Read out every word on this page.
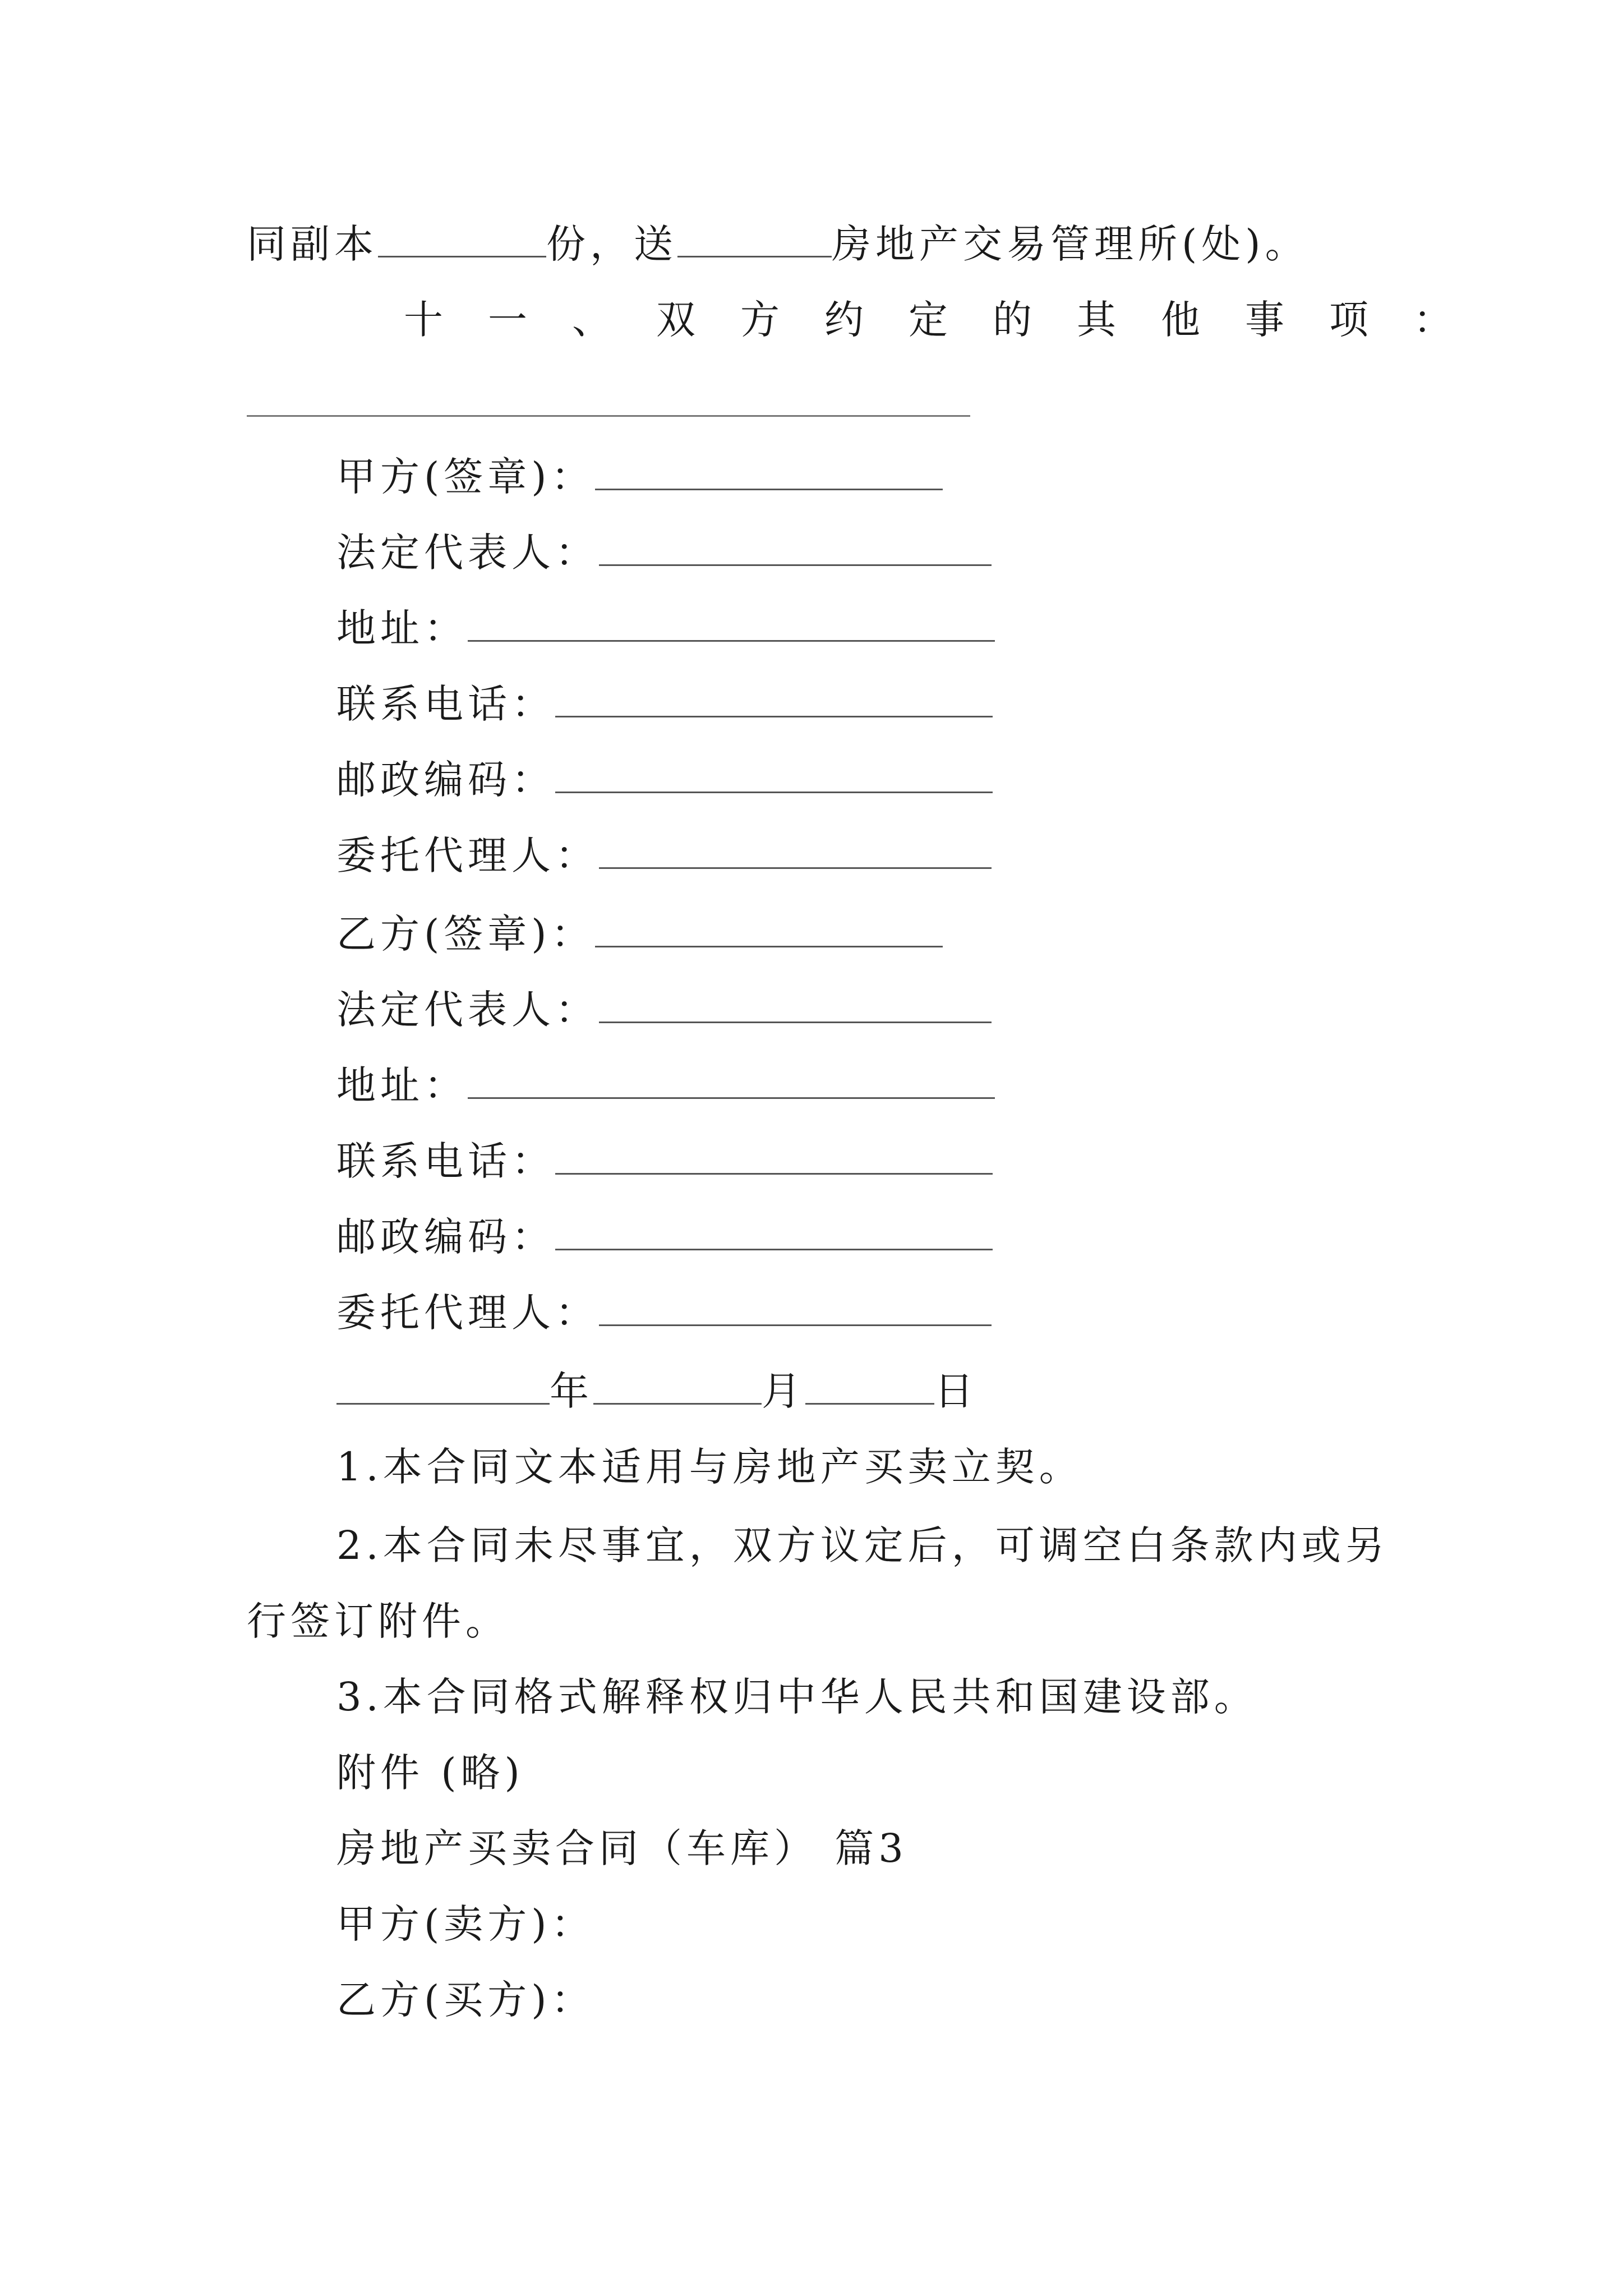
同副本	份，送	房地产交易管理所(处)。
十一、双方约定的其他事项：
甲方(签章)：
法定代表人：
地址：
联系电话：
邮政编码：
委托代理人：
乙方(签章)：
法定代表人：
地址：
联系电话：
邮政编码：
委托代理人：
年	月	日
1.本合同文本适用与房地产买卖立契。
2.本合同未尽事宜，双方议定后，可调空白条款内或另
行签订附件。
3.本合同格式解释权归中华人民共和国建设部。
附件 (略)
房地产买卖合同（车库） 篇3
甲方(卖方)：
乙方(买方)：
